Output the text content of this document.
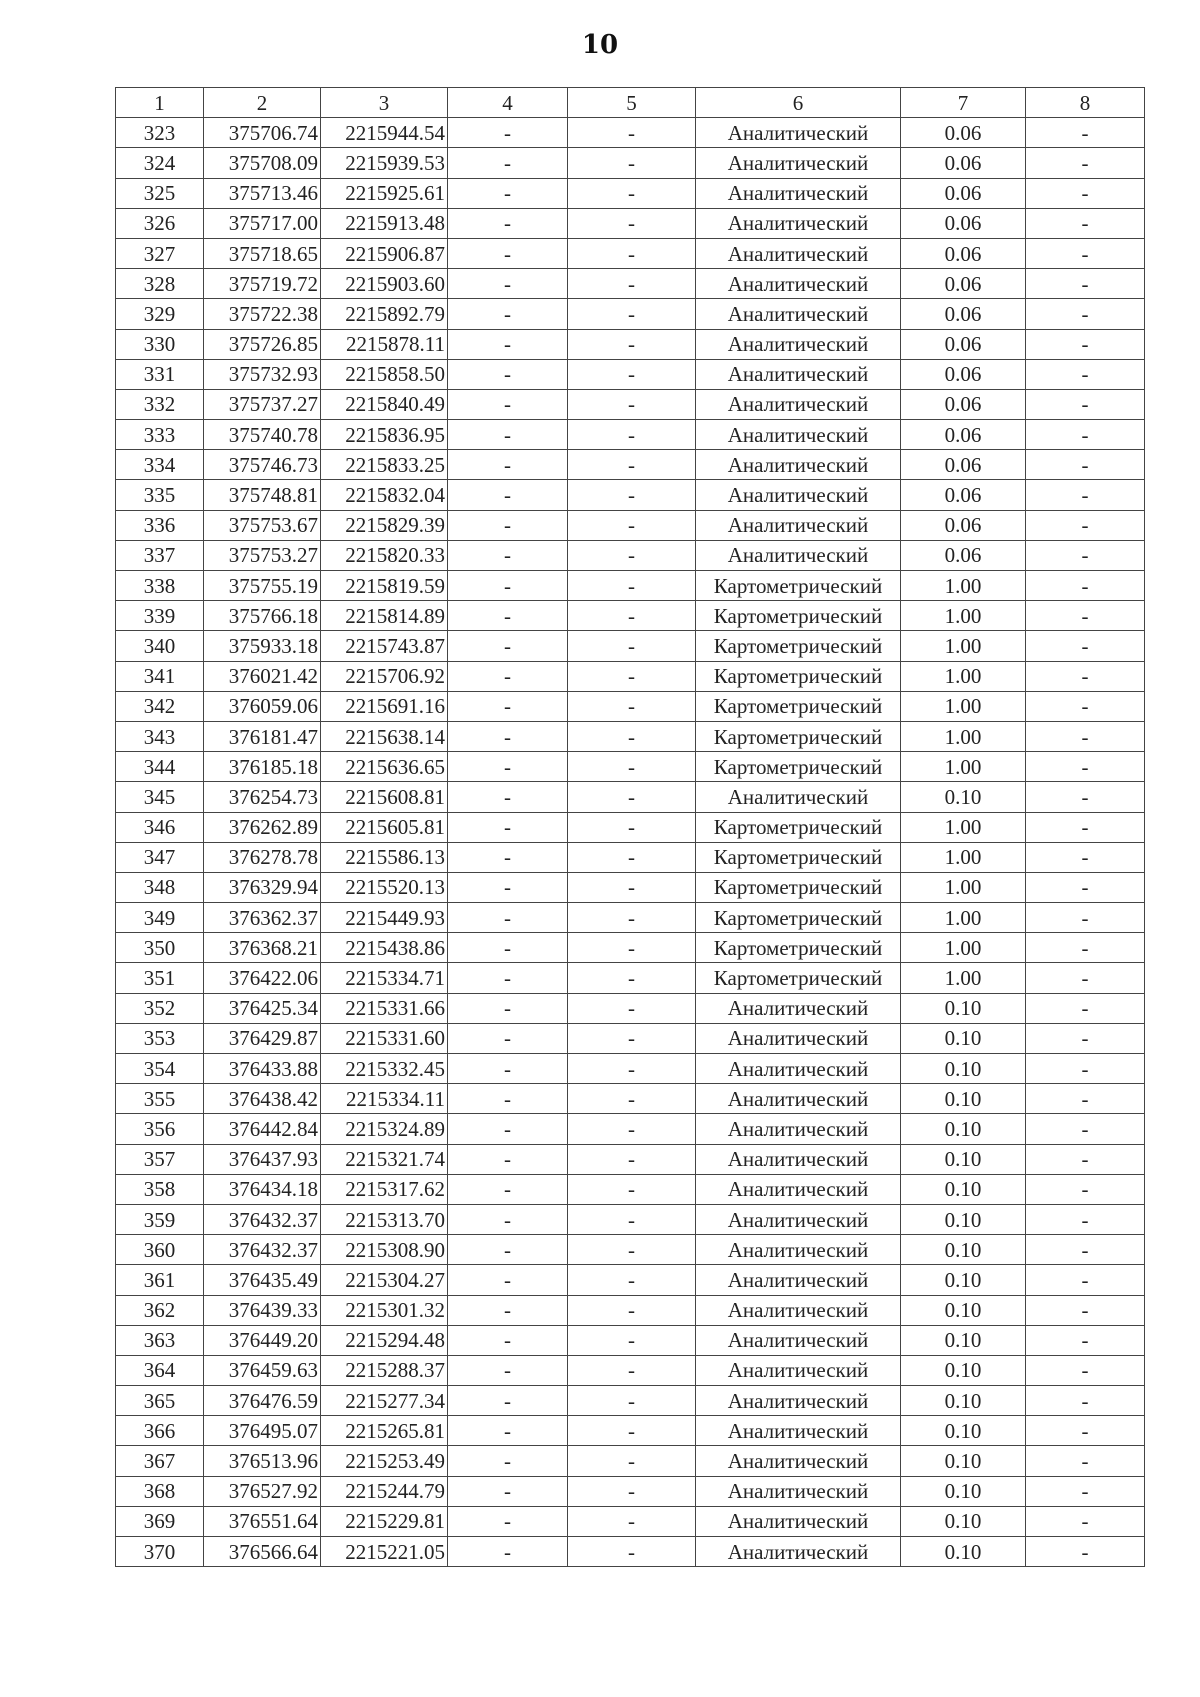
10
1	2	3	4	5	6	7	8
323	375706.74	2215944.54	-	-	Аналитический	0.06	-
324	375708.09	2215939.53	-	-	Аналитический	0.06	-
325	375713.46	2215925.61	-	-	Аналитический	0.06	-
326	375717.00	2215913.48	-	-	Аналитический	0.06	-
327	375718.65	2215906.87	-	-	Аналитический	0.06	-
328	375719.72	2215903.60	-	-	Аналитический	0.06	-
329	375722.38	2215892.79	-	-	Аналитический	0.06	-
330	375726.85	2215878.11	-	-	Аналитический	0.06	-
331	375732.93	2215858.50	-	-	Аналитический	0.06	-
332	375737.27	2215840.49	-	-	Аналитический	0.06	-
333	375740.78	2215836.95	-	-	Аналитический	0.06	-
334	375746.73	2215833.25	-	-	Аналитический	0.06	-
335	375748.81	2215832.04	-	-	Аналитический	0.06	-
336	375753.67	2215829.39	-	-	Аналитический	0.06	-
337	375753.27	2215820.33	-	-	Аналитический	0.06	-
338	375755.19	2215819.59	-	-	Картометрический	1.00	-
339	375766.18	2215814.89	-	-	Картометрический	1.00	-
340	375933.18	2215743.87	-	-	Картометрический	1.00	-
341	376021.42	2215706.92	-	-	Картометрический	1.00	-
342	376059.06	2215691.16	-	-	Картометрический	1.00	-
343	376181.47	2215638.14	-	-	Картометрический	1.00	-
344	376185.18	2215636.65	-	-	Картометрический	1.00	-
345	376254.73	2215608.81	-	-	Аналитический	0.10	-
346	376262.89	2215605.81	-	-	Картометрический	1.00	-
347	376278.78	2215586.13	-	-	Картометрический	1.00	-
348	376329.94	2215520.13	-	-	Картометрический	1.00	-
349	376362.37	2215449.93	-	-	Картометрический	1.00	-
350	376368.21	2215438.86	-	-	Картометрический	1.00	-
351	376422.06	2215334.71	-	-	Картометрический	1.00	-
352	376425.34	2215331.66	-	-	Аналитический	0.10	-
353	376429.87	2215331.60	-	-	Аналитический	0.10	-
354	376433.88	2215332.45	-	-	Аналитический	0.10	-
355	376438.42	2215334.11	-	-	Аналитический	0.10	-
356	376442.84	2215324.89	-	-	Аналитический	0.10	-
357	376437.93	2215321.74	-	-	Аналитический	0.10	-
358	376434.18	2215317.62	-	-	Аналитический	0.10	-
359	376432.37	2215313.70	-	-	Аналитический	0.10	-
360	376432.37	2215308.90	-	-	Аналитический	0.10	-
361	376435.49	2215304.27	-	-	Аналитический	0.10	-
362	376439.33	2215301.32	-	-	Аналитический	0.10	-
363	376449.20	2215294.48	-	-	Аналитический	0.10	-
364	376459.63	2215288.37	-	-	Аналитический	0.10	-
365	376476.59	2215277.34	-	-	Аналитический	0.10	-
366	376495.07	2215265.81	-	-	Аналитический	0.10	-
367	376513.96	2215253.49	-	-	Аналитический	0.10	-
368	376527.92	2215244.79	-	-	Аналитический	0.10	-
369	376551.64	2215229.81	-	-	Аналитический	0.10	-
370	376566.64	2215221.05	-	-	Аналитический	0.10	-
